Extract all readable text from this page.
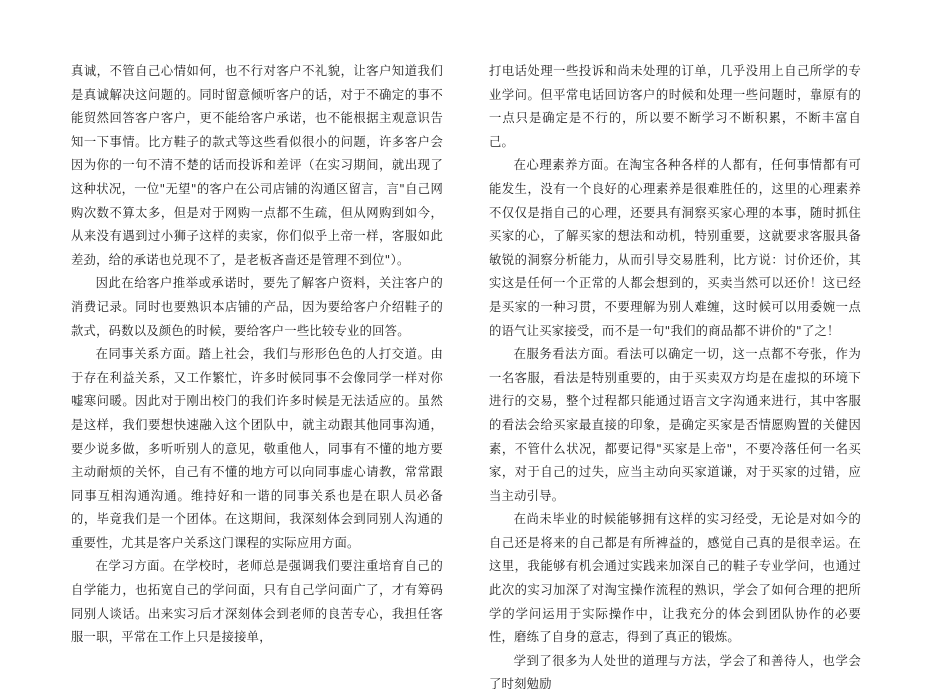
真诚，不管自己心情如何，也不行对客户不礼貌，让客户知道我们是真诚解决这问题的。同时留意倾听客户的话，对于不确定的事不能贸然回答客户客户，更不能给客户承诺，也不能根据主观意识告知一下事情。比方鞋子的款式等这些看似很小的问题，许多客户会因为你的一句不清不楚的话而投诉和差评（在实习期间，就出现了这种状况，一位"无望"的客户在公司店铺的沟通区留言，言"自己网购次数不算太多，但是对于网购一点都不生疏，但从网购到如今，从来没有遇到过小狮子这样的卖家，你们似乎上帝一样，客服如此差劲，给的承诺也兑现不了，是老板吝啬还是管理不到位"）。

因此在给客户推举或承诺时，要先了解客户资料，关注客户的消费记录。同时也要熟识本店铺的产品，因为要给客户介绍鞋子的款式，码数以及颜色的时候，要给客户一些比较专业的回答。

在同事关系方面。踏上社会，我们与形形色色的人打交道。由于存在利益关系，又工作繁忙，许多时候同事不会像同学一样对你嘘寒问暖。因此对于刚出校门的我们许多时候是无法适应的。虽然是这样，我们要想快速融入这个团队中，就主动跟其他同事沟通，要少说多做，多听听别人的意见，敬重他人，同事有不懂的地方要主动耐烦的关怀，自己有不懂的地方可以向同事虚心请教，常常跟同事互相沟通沟通。维持好和一谐的同事关系也是在职人员必备的，毕竟我们是一个团体。在这期间，我深刻体会到同别人沟通的重要性，尤其是客户关系这门课程的实际应用方面。

在学习方面。在学校时，老师总是强调我们要注重培育自己的自学能力，也拓宽自己的学问面，只有自己学问面广了，才有筹码同别人谈话。出来实习后才深刻体会到老师的良苦专心，我担任客服一职，平常在工作上只是接接单，

打电话处理一些投诉和尚未处理的订单，几乎没用上自己所学的专业学问。但平常电话回访客户的时候和处理一些问题时，靠原有的一点只是确定是不行的，所以要不断学习不断积累，不断丰富自己。

在心理素养方面。在淘宝各种各样的人都有，任何事情都有可能发生，没有一个良好的心理素养是很难胜任的，这里的心理素养不仅仅是指自己的心理，还要具有洞察买家心理的本事，随时抓住买家的心，了解买家的想法和动机，特别重要，这就要求客服具备敏锐的洞察分析能力，从而引导交易胜利，比方说：讨价还价，其实这是任何一个正常的人都会想到的，买卖当然可以还价！这已经是买家的一种习贯，不要理解为别人难缠，这时候可以用委婉一点的语气让买家接受，而不是一句"我们的商品都不讲价的"了之！

在服务看法方面。看法可以确定一切，这一点都不夸张，作为一名客服，看法是特别重要的，由于买卖双方均是在虚拟的环境下进行的交易，整个过程都只能通过语言文字沟通来进行，其中客服的看法会给买家最直接的印象，是确定买家是否情愿购置的关健因素，不管什么状况，都要记得"买家是上帝"，不要冷落任何一名买家，对于自己的过失，应当主动向买家道谦，对于买家的过错，应当主动引导。

在尚未毕业的时候能够拥有这样的实习经受，无论是对如今的自己还是将来的自己都是有所裨益的，感觉自己真的是很幸运。在这里，我能够有机会通过实践来加深自己的鞋子专业学问，也通过此次的实习加深了对淘宝操作流程的熟识，学会了如何合理的把所学的学问运用于实际操作中，让我充分的体会到团队协作的必要性，磨练了自身的意志，得到了真正的锻炼。

学到了很多为人处世的道理与方法，学会了和善待人，也学会了时刻勉励
